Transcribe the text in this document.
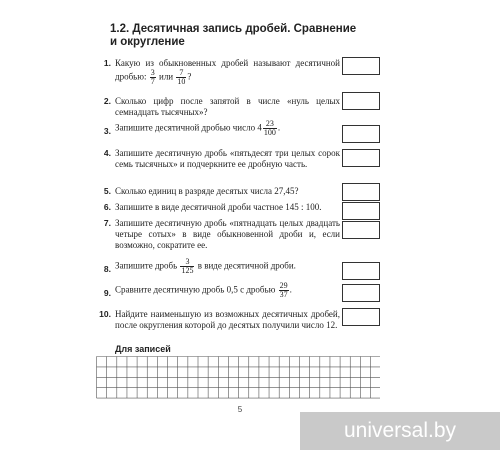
1.2. Десятичная запись дробей. Сравнение и округление
1. Какую из обыкновенных дробей называют десятичной дробью: $\frac{3}{7}$ или $\frac{7}{10}$ ?
2. Сколько цифр после запятой в числе «нуль целых семнадцать тысячных»?
3. Запишите десятичной дробью число $4 \frac{23}{100}$ .
4. Запишите десятичную дробь «пятьдесят три целых сорок семь тысячных» и подчеркните ее дробную часть.
5. Сколько единиц в разряде десятых числа 27,45?
6. Запишите в виде десятичной дроби частное 145 : 100.
7. Запишите десятичную дробь «пятнадцать целых двадцать четыре сотых» в виде обыкновенной дроби и, если возможно, сократите ее.
8. Запишите дробь $\frac{3}{125}$ в виде десятичной дроби.
9. Сравните десятичную дробь 0,5 с дробью $\frac{29}{37}$ .
10. Найдите наименьшую из возможных десятичных дробей, после округления которой до десятых получили число 12.
Для записей
5
universal.by
